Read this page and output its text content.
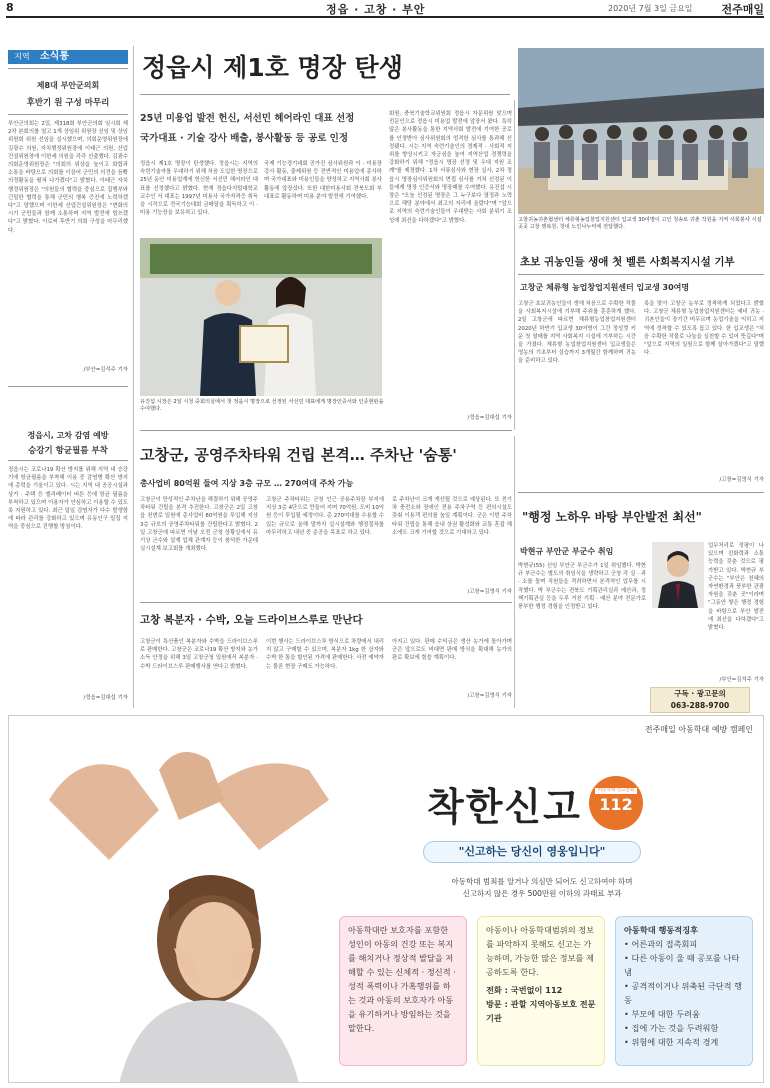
8	정읍 · 고창 · 부안	2020년 7월 3일 금요일	전주매일
지역	소식통
제8대 부안군의회
후반기 원 구성 마무리

부안군의회는 2일, 제318회 부안군의회 임시회 제2차 본회의를 열고 1개 상임위 위원장 선임 및 상임위원회 위원 선임을 실시했으며, 의회운영위원장에 김광수 의원, 자치행정위원장에 이태근 의원, 산업건설위원장에 이한세 의원을 각각 선출했다. 김광수 의회운영위원장은 "의회의 위상을 높이고 화합과 소통을 바탕으로 의회를 이끌어 군민의 의견을 듬뽝 의정활동을 펼쳐 나가겠다"고 밝혔다. 이태근 자치행정위원장은 "의원들의 협력을 중심으로 집행부와 긴밀한 협력을 통해 군민의 행복 증진에 노력하겠다"고 말했으며 이한세 산업건설위원장은 "변화의 시기 군민들과 함께 소통하며 지역 발전에 힘쓰겠다"고 밝혔다. 이로써 후반기 의회 구성을 마무리했다.

/부안=김석주 기자

정읍시, 고차 감염 예방
승강기 항균필름 부착

정읍시는 코로나19 확산 방지를 위해 지역 내 승강기에 항균필름을 부착해 이용 중 감염병 확산 방지에 총력을 기울이고 있다. 시는 지역 내 공공시설과 상가 · 주택 등 엘리베이터 버튼 등에 항균 필름을 부착하고 있으며 이용자가 안심하고 이용할 수 있도록 지원하고 있다. 최근 일일 감염자가 다수 발생함에 따라 관리를 강화하고 있으며 유동인구 밀집 지역을 중심으로 진행할 방침이다.

/정읍=김대섭 기자

정읍시 제1호 명장 탄생
25년 미용업 발전 헌신, 서선민 헤어라인 대표 선정
국가대표 · 기술 강사 배출, 봉사활동 등 공로 인정

정읍시 제1호 명장이 탄생했다. 정읍시는 지역의 숙련기술자를 우대하기 위해 처음 도입한 명장으로 25년 동안 미용업계에 헌신한 서선민 헤어라인 대표를 선정했다고 밝혔다. 현재 정읍다지털대학교 교수인 서 대표는 1997년 미용사 국가자격증 취득을 시작으로 전국기능대회 금메달을 획득하고 이 · 미용 기능장을 보유하고 있다.

국제 기능경기대회 공가진 심사위원과 이 · 미용장 강사 활동, 출제위원 등 전반적인 미용업에 종사하며 국가대표와 미용인들을 양성하고 지역사회 봉사활동에 앞장섰다. 또한 대한미용사회 전북도회 부대표로 활동하며 미용 분야 발전에 기여했다.

회원, 충북기술학교위원회 정읍시 자문위원 맞으며 전문인으로 정읍시 미용업 발전에 앞장서 왔다. 특히 많은 봉사활동을 통한 지역사회 발전에 기여한 공로를 인정받아 심사위원회의 엄격한 심사를 통과해 선정됐다. 시는 지역 숙련기술인의 경제적 · 사회적 지위를 향상시키고 자긍심을 높여 지역산업 경쟁력을 강화하기 위해 "정읍시 명장 선정 및 우대 지원 조례"를 제정했다. 1차 서류심사와 현장 실사, 2차 정읍시 명장심사위원회의 면접 심사를 거쳐 선정된 이들에게 명장 인증서와 명장패를 수여했다. 유진섭 시장은 "오늘 선정된 명장은 그 누구보다 열정과 노력으로 해당 분야에서 최고의 자리에 올랐다"며 "앞으로 지역의 숙련기술인들이 우대받는 사회 분위기 조성에 최선을 다하겠다"고 밝혔다.

/정읍=김대섭 기자

유진섭 시장은 2일 시청 중회의실에서 첫 정읍시 명장으로 선정된 서선민 대표에게 명장인증서와 인증현판을 수여했다.
고창귀농귀촌협센터 체류형농업창업지원센터 입교생 30여명이 고인 청송로 귀촌 작원을 지역 사회봉사 시설 곳곳 고창 행복원, 청내 노인나누미에 전달했다.
초보 귀농인들 생애 첫 벨른 사회복지시설 기부
고창군 체류형 농업창업지원센터 입교생 30여명

고창군 초보귀농인들이 생애 처음으로 수확한 작물을 사회복지시설에 기부해 주위를 훈훈하게 했다. 2일 고창군에 따르면 체류형농업창업지원센터 2020년 하반기 입교생 30여명이 그간 정성껏 키운 첫 열매를 지역 사회복지 시설에 기부하는 시간을 가졌다. 체류형 농업창업지원센터 입교생들은 영농의 기초부터 실습까지 3개월간 함께하며 귀농을 준비하고 있다.

록을 맞아 고창군 농부로 정착하게 되었다고 밝혔다. 고창군 체류형 농업창업지원센터는 예비 귀농 · 귀촌인들이 장기간 머무르며 농업기술을 익히고 지역에 정착할 수 있도록 돕고 있다. 한 입교생은 "처음 수확한 작물로 나눔을 실천할 수 있어 뜻깊다"며 "앞으로 지역의 일원으로 함께 살아가겠다"고 말했다.

/고창=김영식 기자

고창군, 공영주차타워 건립 본격… 주차난 '숨통'
총사업비 80억원 들여 지상 3층 규모 … 270여대 주차 가능

고창군이 만성적인 주차난을 해결하기 위해 공영주차타워 건립을 본격 추진한다. 고창군은 2일 고창읍 천변로 일원에 총사업비 80억원을 투입해 지상 3층 규모의 공영주차타워를 건립한다고 밝혔다. 2일 고창군에 따르면 이날 오전 군청 상황실에서 유기상 군수와 설계 업체 관계자 등이 참석한 가운데 실시설계 보고회를 개최했다.

고창군 주차타워는 군청 인근 공용주차장 부지에 지상 3층 4단으로 만들어 지며 70억원, 도비 10억원 등이 투입될 예정이다. 총 270여대를 수용할 수 있는 규모로 올해 말까지 실시설계와 행정절차를 마무리하고 내년 중 준공을 목표로 하고 있다.

로 주차난이 크게 개선될 것으로 예상된다. 또 전기차 충전소와 장애인 전용 주차구역 등 편의시설도 갖춰 이용객 편의를 높일 계획이다. 군은 이번 주차타워 건립을 통해 읍내 상권 활성화와 교통 혼잡 해소에도 크게 기여할 것으로 기대하고 있다.

/고창=김영식 기자

고창 복분자 · 수박, 오늘 드라이브스루로 만난다

고창군이 특산품인 복분자와 수박을 드라이브스루로 판매한다. 고창군은 코로나19 확산 방지와 농가 소득 안정을 위해 3일 고창군청 일원에서 복분자 · 수박 드라이브스루 판매행사를 연다고 밝혔다.

이번 행사는 드라이브스루 방식으로 차량에서 내리지 않고 구매할 수 있으며, 복분자 1kg 한 상자와 수박 한 통을 할인된 가격에 판매한다. 사전 예약자는 물론 현장 구매도 가능하다.

아지고 있다. 판매 수익금은 생산 농가에 돌아가며 군은 앞으로도 비대면 판매 방식을 확대해 농가의 판로 확보에 힘쓸 계획이다.

/고창=김영식 기자

"행정 노하우 바탕 부안발전 최선"
박현규 부안군 부군수 취임

박현규(55) 신임 부안군 부군수가 1일 취임했다. 박현규 부군수는 별도의 취임식을 생략하고 군청 각 실 · 과 · 소를 돌며 직원들을 격려하면서 본격적인 업무를 시작했다. 박 부군수는 전북도 기획관리실과 예산과, 정책기획관실 등을 두루 거친 기획 · 예산 분야 전문가로 풍부한 행정 경험을 인정받고 있다.

업무처리로 정평이 나 있으며 친화력과 소통 능력을 갖춘 것으로 평가받고 있다. 박현규 부군수는 "부안은 천혜의 자연환경과 풍부한 관광자원을 갖춘 곳"이라며 "그동안 쌓은 행정 경험을 바탕으로 부안 발전에 최선을 다하겠다"고 밝혔다.

/부안=김석주 기자

구독 · 광고문의
063-288-9700
전주매일 아동학대 예방 캠페인
착한신고	아동학대 신고전화
112
"신고하는 당신이 영웅입니다"
아동학대 범죄를 알거나 의심만 되어도 신고하여야 하며
신고하지 않은 경우 500만원 이하의 과태료 부과
아동학대란 보호자를 포함한 성인이 아동의 건강 또는 복지를 해치거나 정상적 발달을 저해할 수 있는 신체적 · 정신적 · 성적 폭력이나 가혹행위를 하는 것과 아동의 보호자가 아동을 유기하거나 방임하는 것을 말한다.
아동이나 아동학대범위의 정보를 파악하지 못해도 신고는 가능하며, 가능한 많은 정보를 제공하도록 한다.
전화 : 국번없이 112
방문 : 관할 지역아동보호 전문기관
아동학대 행동적징후
• 어른과의 접촉회피
• 다른 아동이 울 때 공포를 나타냄
• 공격적이거나 위축된 극단적 행동
• 부모에 대한 두려움
• 집에 가는 것을 두려워함
• 위험에 대한 지속적 경계
